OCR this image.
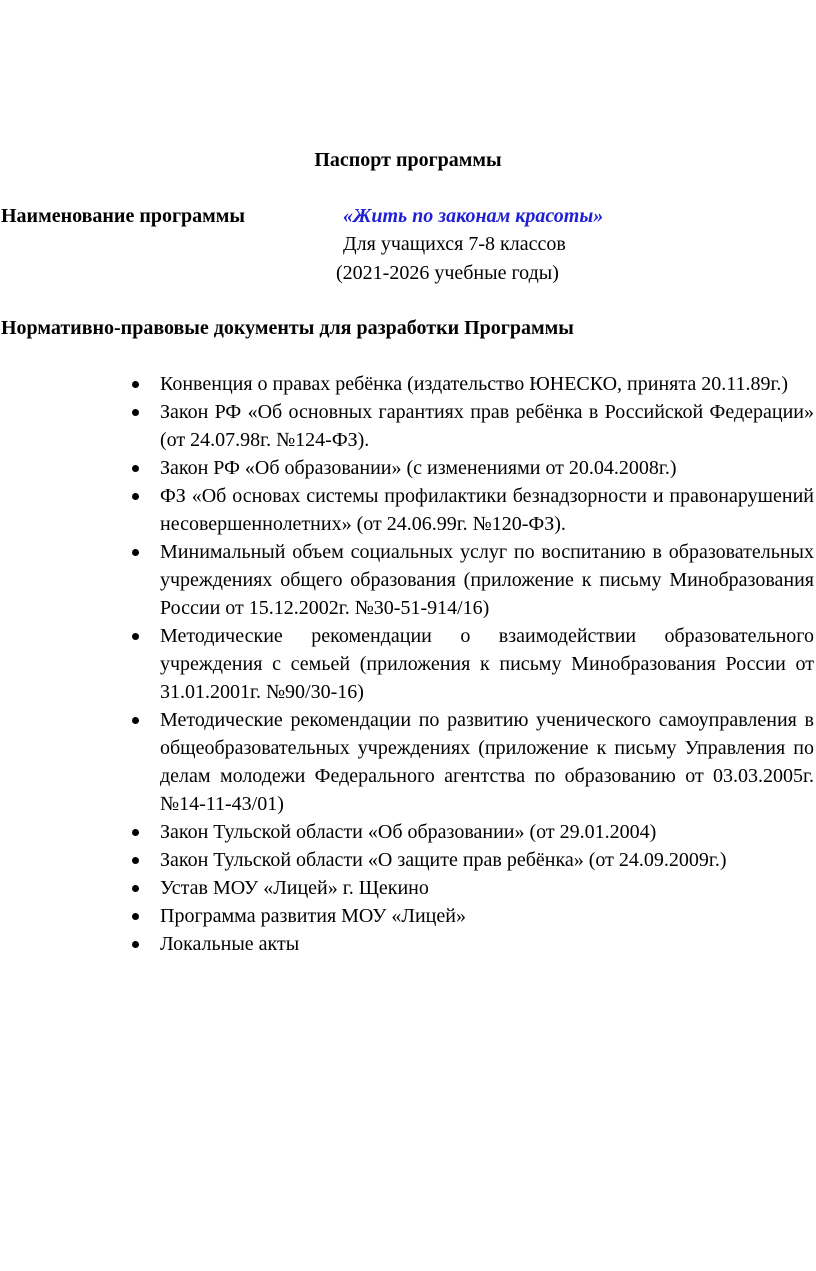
Паспорт программы
Наименование программы	«Жить по законам красоты»
Для учащихся 7-8 классов
(2021-2026 учебные годы)
Нормативно-правовые документы для разработки Программы
Конвенция о правах ребёнка (издательство ЮНЕСКО, принята 20.11.89г.)
Закон РФ «Об основных гарантиях прав ребёнка в Российской Федерации» (от 24.07.98г. №124-ФЗ).
Закон РФ «Об образовании» (с изменениями от 20.04.2008г.)
ФЗ «Об основах системы профилактики безнадзорности и правонарушений несовершеннолетних» (от 24.06.99г. №120-ФЗ).
Минимальный объем социальных услуг по воспитанию в образовательных учреждениях общего образования (приложение к письму Минобразования России от 15.12.2002г. №30-51-914/16)
Методические рекомендации о взаимодействии образовательного учреждения с семьей (приложения к письму Минобразования России от 31.01.2001г. №90/30-16)
Методические рекомендации по развитию ученического самоуправления в общеобразовательных учреждениях (приложение к письму Управления по делам молодежи Федерального агентства по образованию от 03.03.2005г. №14-11-43/01)
Закон Тульской области «Об образовании» (от 29.01.2004)
Закон Тульской области «О защите прав ребёнка» (от 24.09.2009г.)
Устав МОУ «Лицей» г. Щекино
Программа развития МОУ «Лицей»
Локальные акты
